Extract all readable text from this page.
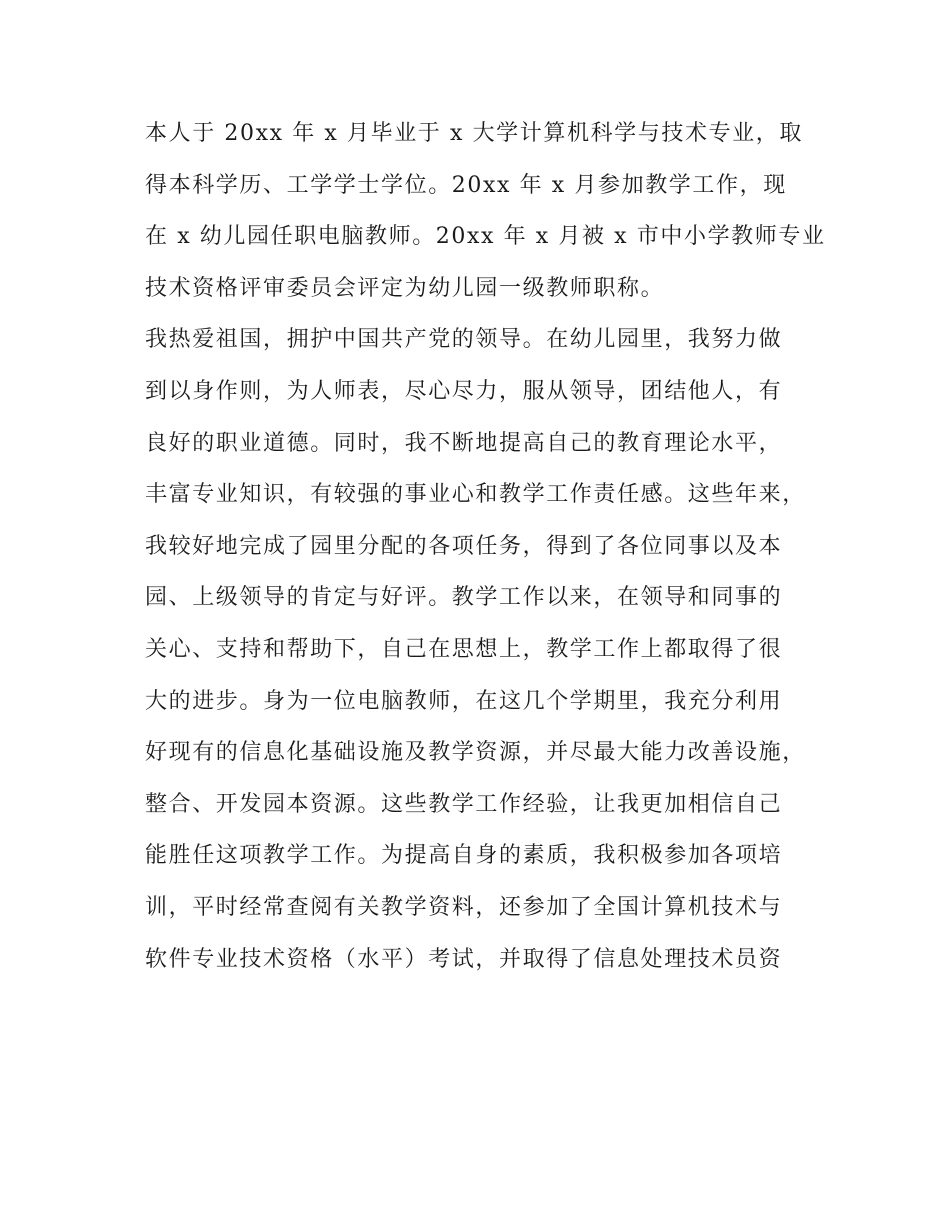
本人于 20xx 年 x 月毕业于 x 大学计算机科学与技术专业，取
得本科学历、工学学士学位。20xx 年 x 月参加教学工作，现
在 x 幼儿园任职电脑教师。20xx 年 x 月被 x 市中小学教师专业
技术资格评审委员会评定为幼儿园一级教师职称。
我热爱祖国，拥护中国共产党的领导。在幼儿园里，我努力做
到以身作则，为人师表，尽心尽力，服从领导，团结他人，有
良好的职业道德。同时，我不断地提高自己的教育理论水平，
丰富专业知识，有较强的事业心和教学工作责任感。这些年来，
我较好地完成了园里分配的各项任务，得到了各位同事以及本
园、上级领导的肯定与好评。教学工作以来，在领导和同事的
关心、支持和帮助下，自己在思想上，教学工作上都取得了很
大的进步。身为一位电脑教师，在这几个学期里，我充分利用
好现有的信息化基础设施及教学资源，并尽最大能力改善设施，
整合、开发园本资源。这些教学工作经验，让我更加相信自己
能胜任这项教学工作。为提高自身的素质，我积极参加各项培
训，平时经常查阅有关教学资料，还参加了全国计算机技术与
软件专业技术资格（水平）考试，并取得了信息处理技术员资
